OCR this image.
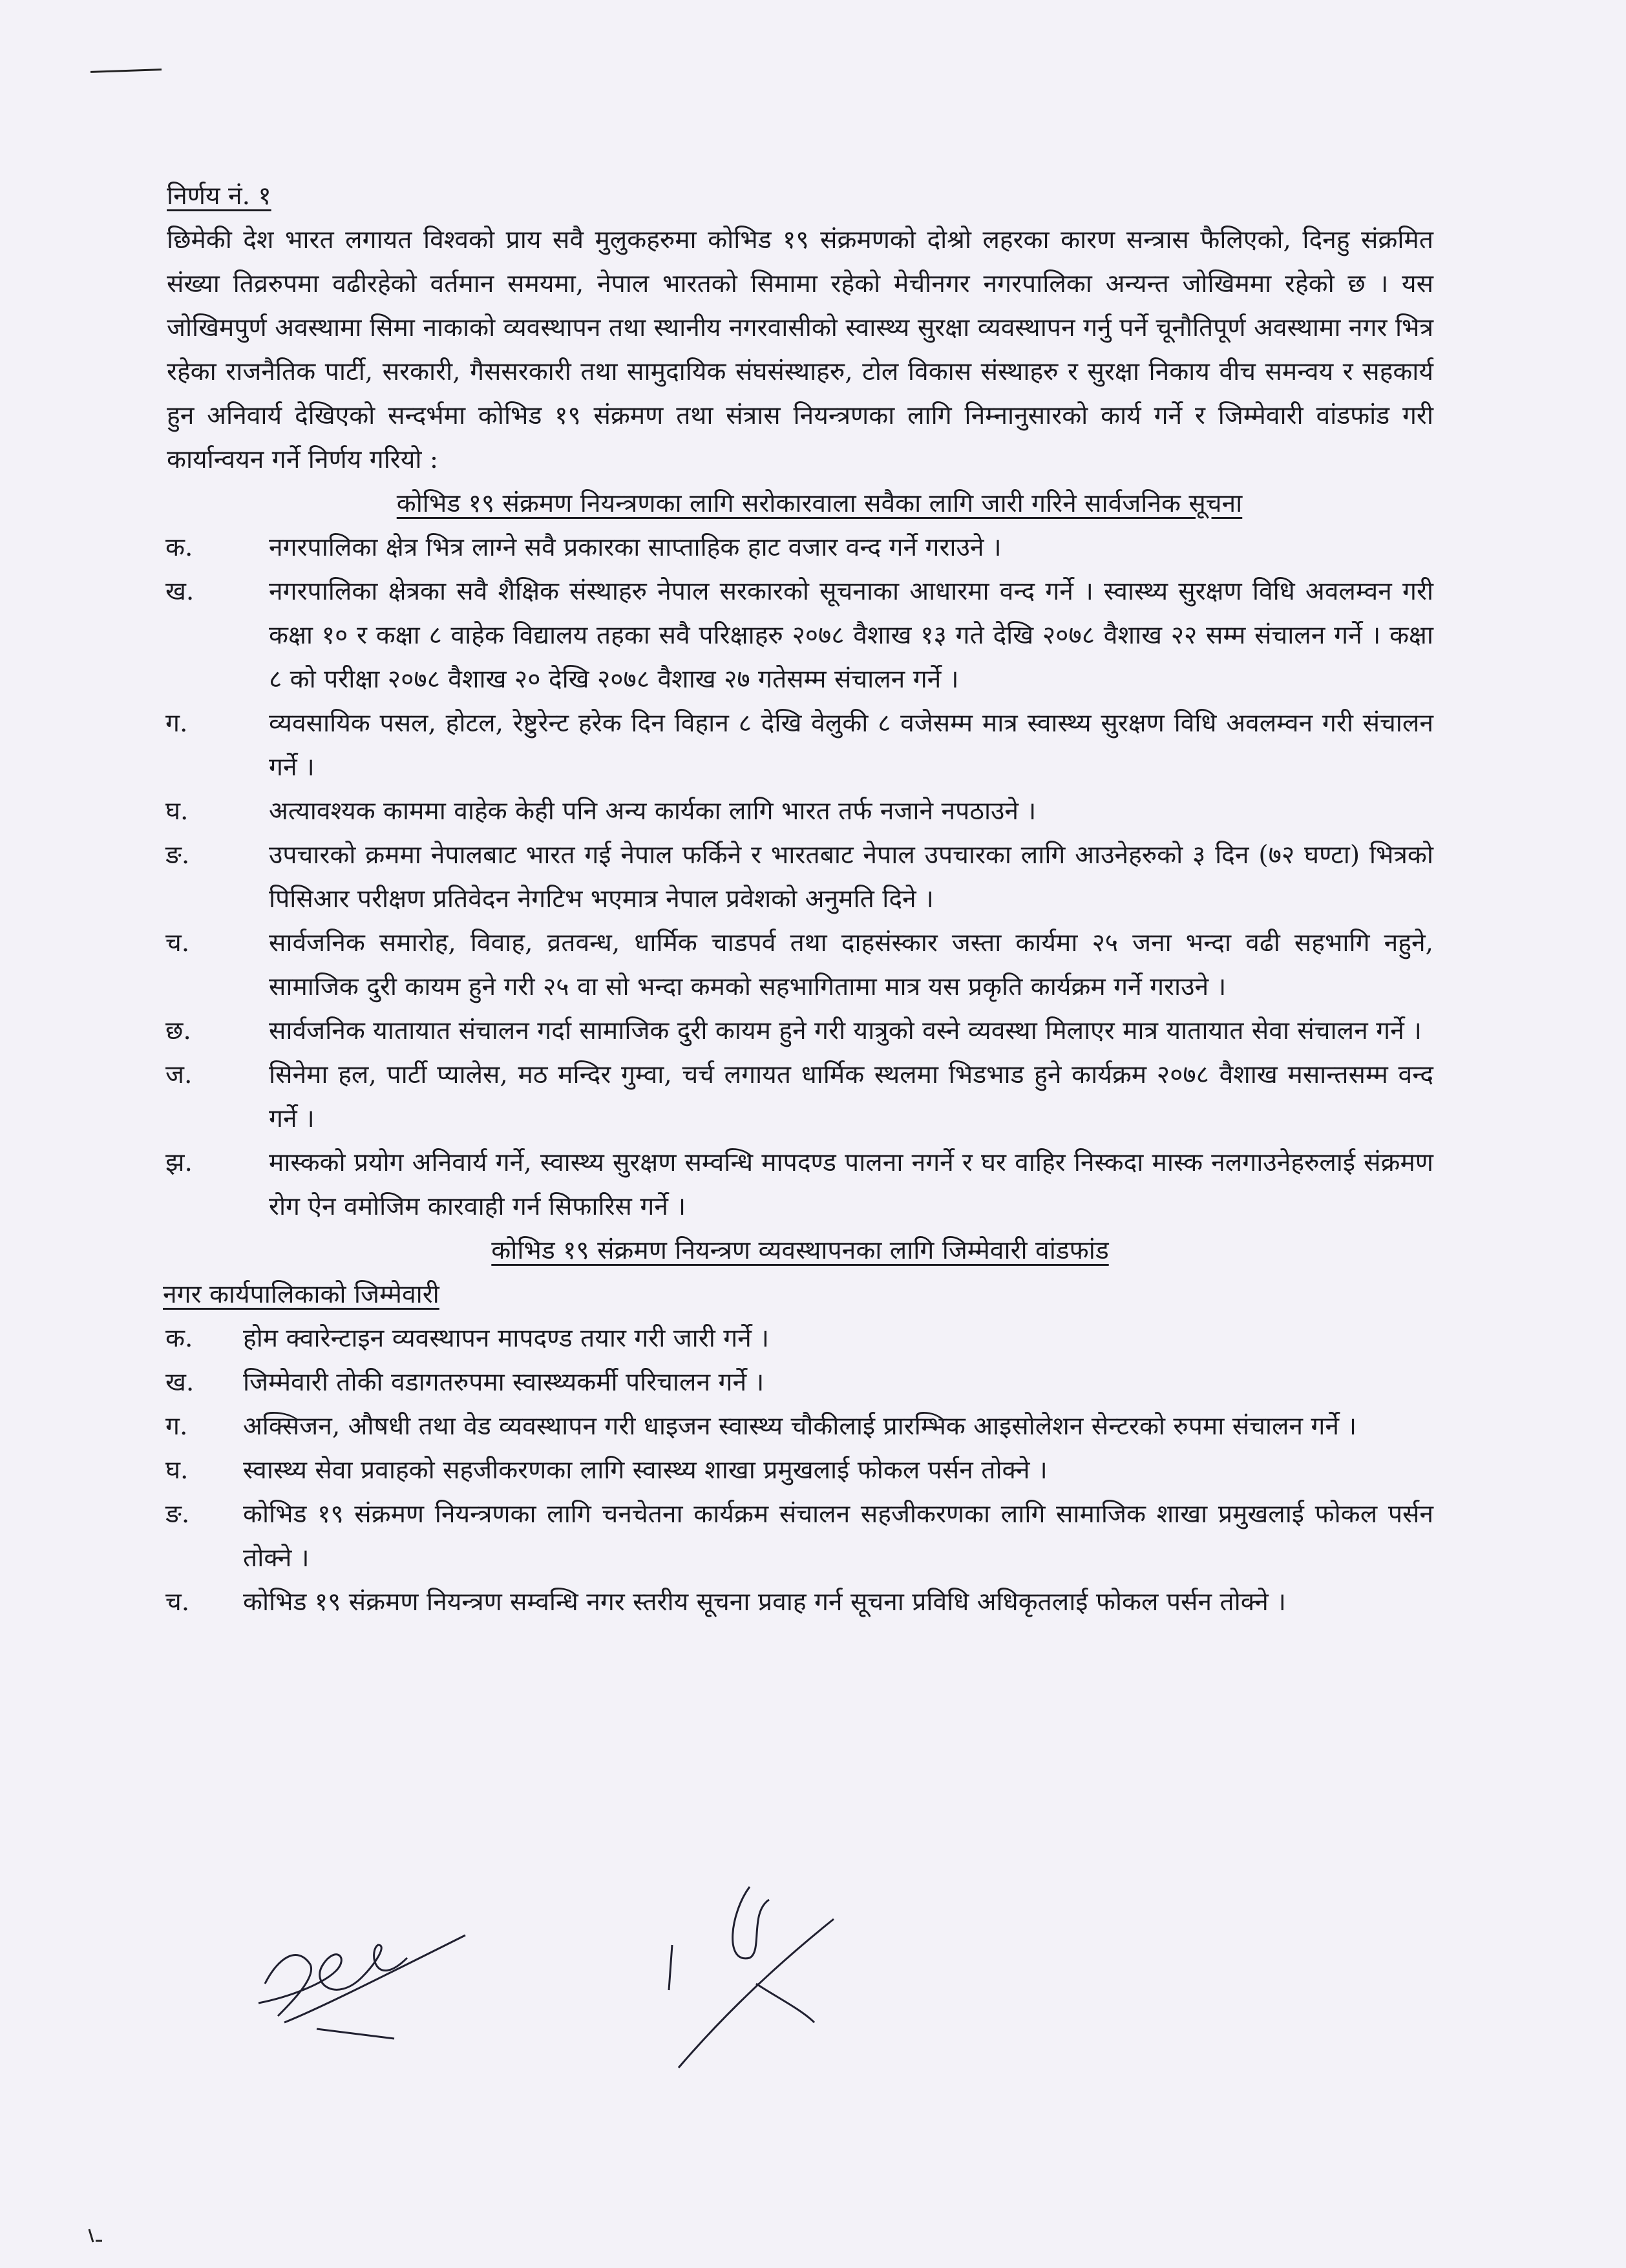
निर्णय नं. १
छिमेकी देश भारत लगायत विश्वको प्राय सवै मुलुकहरुमा कोभिड १९ संक्रमणको दोश्रो लहरका कारण सन्त्रास फैलिएको, दिनहु संक्रमित संख्या तिव्ररुपमा वढीरहेको वर्तमान समयमा, नेपाल भारतको सिमामा रहेको मेचीनगर नगरपालिका अन्यन्त जोखिममा रहेको छ । यस जोखिमपुर्ण अवस्थामा सिमा नाकाको व्यवस्थापन तथा स्थानीय नगरवासीको स्वास्थ्य सुरक्षा व्यवस्थापन गर्नु पर्ने चूनौतिपूर्ण अवस्थामा नगर भित्र रहेका राजनैतिक पार्टी, सरकारी, गैससरकारी तथा सामुदायिक संघसंस्थाहरु, टोल विकास संस्थाहरु र सुरक्षा निकाय वीच समन्वय र सहकार्य हुन अनिवार्य देखिएको सन्दर्भमा कोभिड १९ संक्रमण तथा संत्रास नियन्त्रणका लागि निम्नानुसारको कार्य गर्ने र जिम्मेवारी वांडफांड गरी कार्यान्वयन गर्ने निर्णय गरियो :
कोभिड १९ संक्रमण नियन्त्रणका लागि सरोकारवाला सवैका लागि जारी गरिने सार्वजनिक सूचना
क.	नगरपालिका क्षेत्र भित्र लाग्ने सवै प्रकारका साप्ताहिक हाट वजार वन्द गर्ने गराउने ।
ख.	नगरपालिका क्षेत्रका सवै शैक्षिक संस्थाहरु नेपाल सरकारको सूचनाका आधारमा वन्द गर्ने । स्वास्थ्य सुरक्षण विधि अवलम्वन गरी कक्षा १० र कक्षा ८ वाहेक विद्यालय तहका सवै परिक्षाहरु २०७८ वैशाख १३ गते देखि २०७८ वैशाख २२ सम्म संचालन गर्ने । कक्षा ८ को परीक्षा २०७८ वैशाख २० देखि २०७८ वैशाख २७ गतेसम्म संचालन गर्ने ।
ग.	व्यवसायिक पसल, होटल, रेष्टुरेन्ट हरेक दिन विहान ८ देखि वेलुकी ८ वजेसम्म मात्र स्वास्थ्य सुरक्षण विधि अवलम्वन गरी संचालन गर्ने ।
घ.	अत्यावश्यक काममा वाहेक केही पनि अन्य कार्यका लागि भारत तर्फ नजाने नपठाउने ।
ङ.	उपचारको क्रममा नेपालबाट भारत गई नेपाल फर्किने र भारतबाट नेपाल उपचारका लागि आउनेहरुको ३ दिन (७२ घण्टा) भित्रको पिसिआर परीक्षण प्रतिवेदन नेगटिभ भएमात्र नेपाल प्रवेशको अनुमति दिने ।
च.	सार्वजनिक समारोह, विवाह, व्रतवन्ध, धार्मिक चाडपर्व तथा दाहसंस्कार जस्ता कार्यमा २५ जना भन्दा वढी सहभागि नहुने, सामाजिक दुरी कायम हुने गरी २५ वा सो भन्दा कमको सहभागितामा मात्र यस प्रकृति कार्यक्रम गर्ने गराउने ।
छ.	सार्वजनिक यातायात संचालन गर्दा सामाजिक दुरी कायम हुने गरी यात्रुको वस्ने व्यवस्था मिलाएर मात्र यातायात सेवा संचालन गर्ने ।
ज.	सिनेमा हल, पार्टी प्यालेस, मठ मन्दिर गुम्वा, चर्च लगायत धार्मिक स्थलमा भिडभाड हुने कार्यक्रम २०७८ वैशाख मसान्तसम्म वन्द गर्ने ।
झ.	मास्कको प्रयोग अनिवार्य गर्ने, स्वास्थ्य सुरक्षण सम्वन्धि मापदण्ड पालना नगर्ने र घर वाहिर निस्कदा मास्क नलगाउनेहरुलाई संक्रमण रोग ऐन वमोजिम कारवाही गर्न सिफारिस गर्ने ।
कोभिड १९ संक्रमण नियन्त्रण व्यवस्थापनका लागि जिम्मेवारी वांडफांड
नगर कार्यपालिकाको जिम्मेवारी
क.	होम क्वारेन्टाइन व्यवस्थापन मापदण्ड तयार गरी जारी गर्ने ।
ख.	जिम्मेवारी तोकी वडागतरुपमा स्वास्थ्यकर्मी परिचालन गर्ने ।
ग.	अक्सिजन, औषधी तथा वेड व्यवस्थापन गरी धाइजन स्वास्थ्य चौकीलाई प्रारम्भिक आइसोलेशन सेन्टरको रुपमा संचालन गर्ने ।
घ.	स्वास्थ्य सेवा प्रवाहको सहजीकरणका लागि स्वास्थ्य शाखा प्रमुखलाई फोकल पर्सन तोक्ने ।
ङ.	कोभिड १९ संक्रमण नियन्त्रणका लागि चनचेतना कार्यक्रम संचालन सहजीकरणका लागि सामाजिक शाखा प्रमुखलाई फोकल पर्सन तोक्ने ।
च.	कोभिड १९ संक्रमण नियन्त्रण सम्वन्धि नगर स्तरीय सूचना प्रवाह गर्न सूचना प्रविधि अधिकृतलाई फोकल पर्सन तोक्ने ।
